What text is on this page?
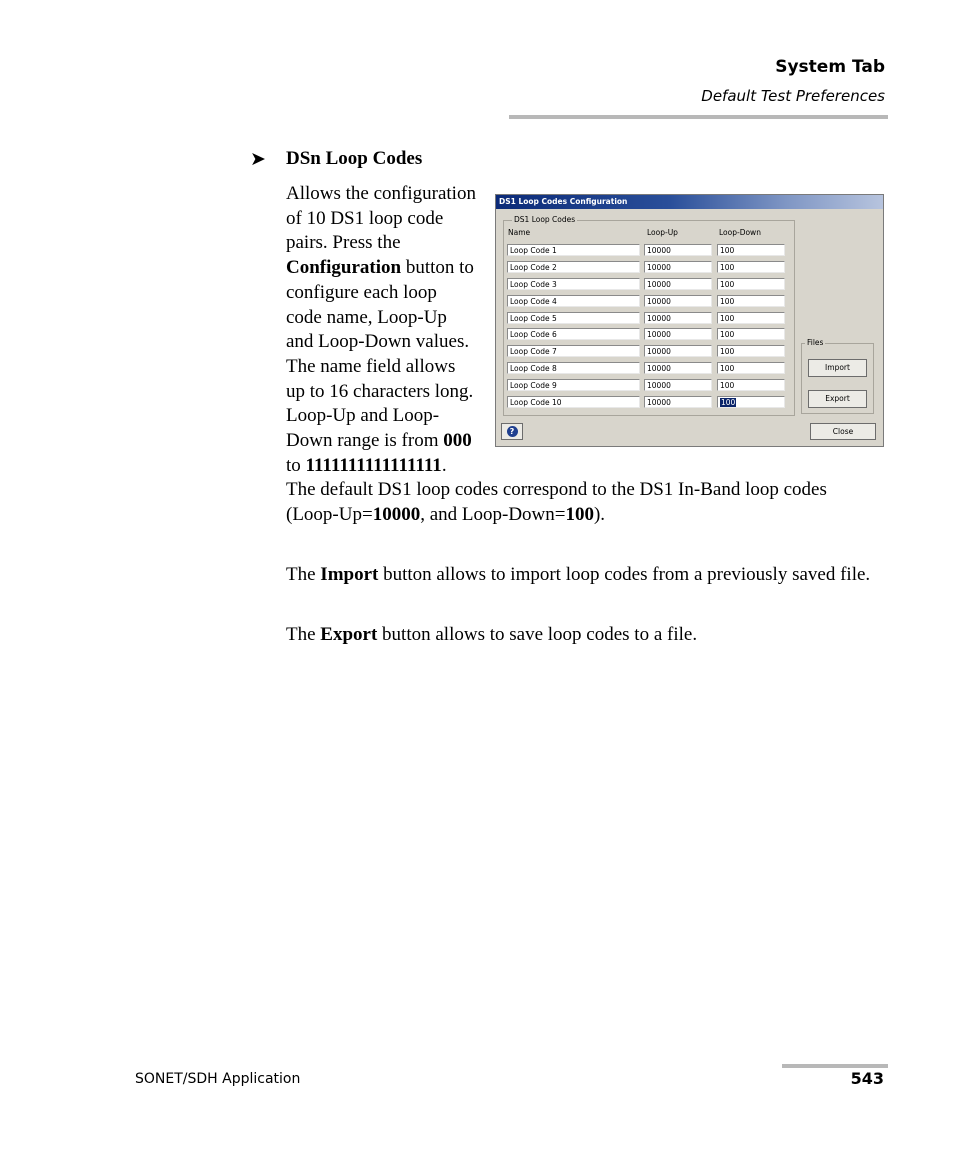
System Tab
Default Test Preferences
➤ DSn Loop Codes
Allows the configuration of 10 DS1 loop code pairs. Press the Configuration button to configure each loop code name, Loop-Up and Loop-Down values. The name field allows up to 16 characters long. Loop-Up and Loop-Down range is from 000 to 1111111111111111. The default DS1 loop codes correspond to the DS1 In-Band loop codes (Loop-Up=10000, and Loop-Down=100).
The Import button allows to import loop codes from a previously saved file.
The Export button allows to save loop codes to a file.
DS1 Loop Codes Configuration
DS1 Loop Codes
Name	Loop-Up	Loop-Down
Loop Code 1	10000	100
Loop Code 2	10000	100
Loop Code 3	10000	100
Loop Code 4	10000	100
Loop Code 5	10000	100
Loop Code 6	10000	100
Loop Code 7	10000	100
Loop Code 8	10000	100
Loop Code 9	10000	100
Loop Code 10	10000	100
Files
Import
Export
?	Close
SONET/SDH Application	543
